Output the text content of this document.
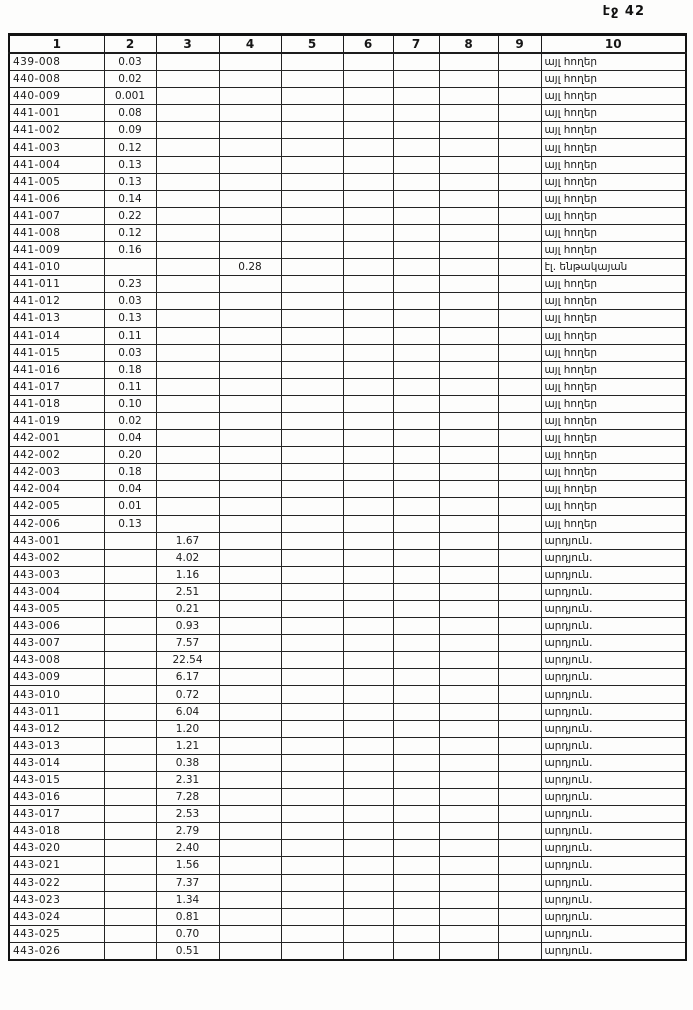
էջ 42
1	2	3	4	5	6	7	8	9	10
439-008	0.03								այլ հողեր
440-008	0.02								այլ հողեր
440-009	0.001								այլ հողեր
441-001	0.08								այլ հողեր
441-002	0.09								այլ հողեր
441-003	0.12								այլ հողեր
441-004	0.13								այլ հողեր
441-005	0.13								այլ հողեր
441-006	0.14								այլ հողեր
441-007	0.22								այլ հողեր
441-008	0.12								այլ հողեր
441-009	0.16								այլ հողեր
441-010			0.28						էլ. ենթակայան
441-011	0.23								այլ հողեր
441-012	0.03								այլ հողեր
441-013	0.13								այլ հողեր
441-014	0.11								այլ հողեր
441-015	0.03								այլ հողեր
441-016	0.18								այլ հողեր
441-017	0.11								այլ հողեր
441-018	0.10								այլ հողեր
441-019	0.02								այլ հողեր
442-001	0.04								այլ հողեր
442-002	0.20								այլ հողեր
442-003	0.18								այլ հողեր
442-004	0.04								այլ հողեր
442-005	0.01								այլ հողեր
442-006	0.13								այլ հողեր
443-001		1.67							արդյուն.
443-002		4.02							արդյուն.
443-003		1.16							արդյուն.
443-004		2.51							արդյուն.
443-005		0.21							արդյուն.
443-006		0.93							արդյուն.
443-007		7.57							արդյուն.
443-008		22.54							արդյուն.
443-009		6.17							արդյուն.
443-010		0.72							արդյուն.
443-011		6.04							արդյուն.
443-012		1.20							արդյուն.
443-013		1.21							արդյուն.
443-014		0.38							արդյուն.
443-015		2.31							արդյուն.
443-016		7.28							արդյուն.
443-017		2.53							արդյուն.
443-018		2.79							արդյուն.
443-020		2.40							արդյուն.
443-021		1.56							արդյուն.
443-022		7.37							արդյուն.
443-023		1.34							արդյուն.
443-024		0.81							արդյուն.
443-025		0.70							արդյուն.
443-026		0.51							արդյուն.
